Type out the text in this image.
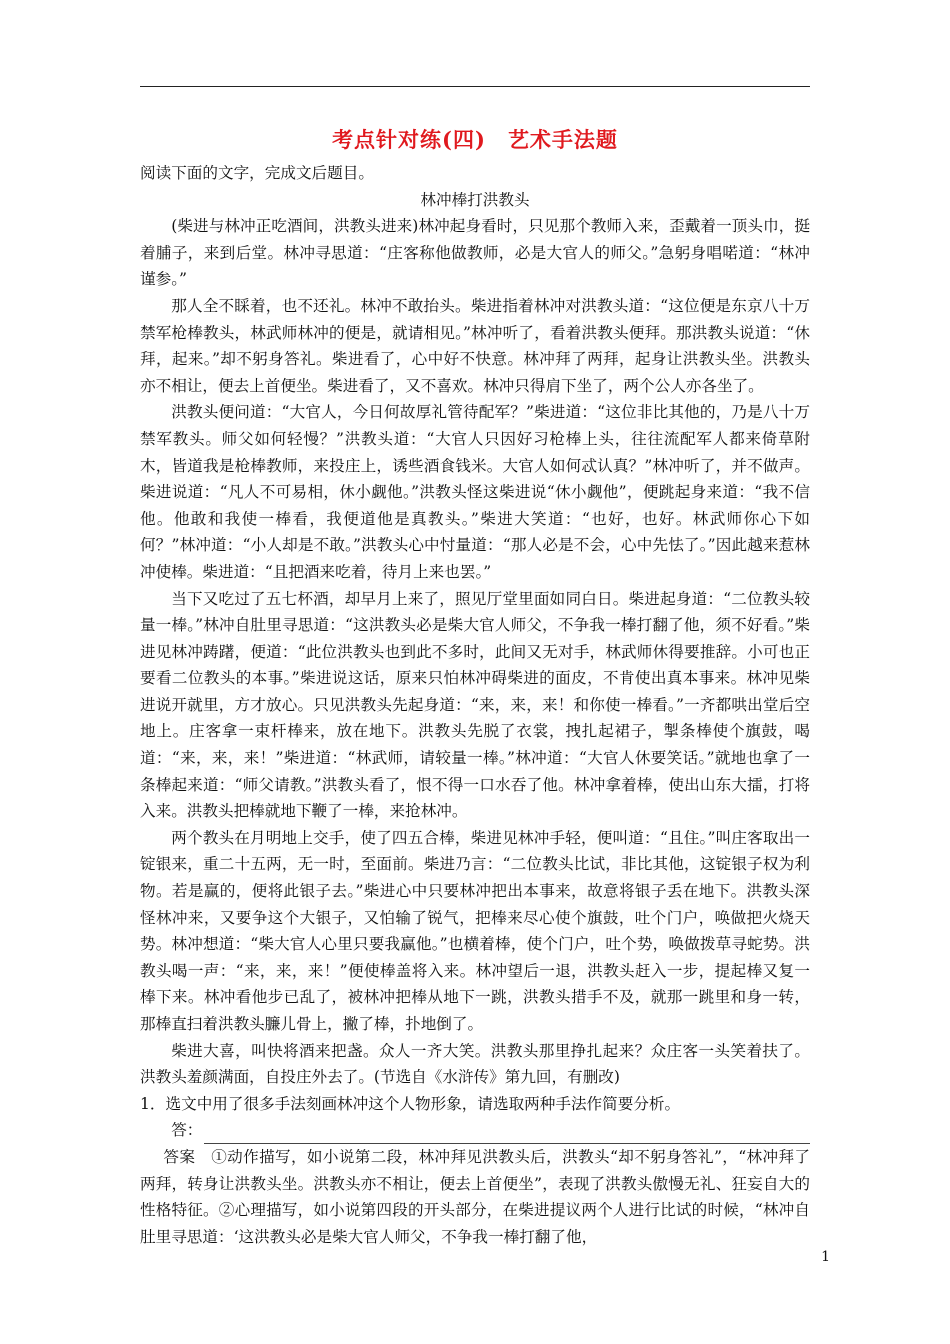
考点针对练(四) 艺术手法题

阅读下面的文字，完成文后题目。

林冲棒打洪教头

(柴进与林冲正吃酒间，洪教头进来)林冲起身看时，只见那个教师入来，歪戴着一顶头巾，挺着脯子，来到后堂。林冲寻思道：“庄客称他做教师，必是大官人的师父。”急躬身唱喏道：“林冲谨参。”

那人全不睬着，也不还礼。林冲不敢抬头。柴进指着林冲对洪教头道：“这位便是东京八十万禁军枪棒教头，林武师林冲的便是，就请相见。”林冲听了，看着洪教头便拜。那洪教头说道：“休拜，起来。”却不躬身答礼。柴进看了，心中好不快意。林冲拜了两拜，起身让洪教头坐。洪教头亦不相让，便去上首便坐。柴进看了，又不喜欢。林冲只得肩下坐了，两个公人亦各坐了。

洪教头便问道：“大官人，今日何故厚礼管待配军？”柴进道：“这位非比其他的，乃是八十万禁军教头。师父如何轻慢？”洪教头道：“大官人只因好习枪棒上头，往往流配军人都来倚草附木，皆道我是枪棒教师，来投庄上，诱些酒食钱米。大官人如何忒认真？”林冲听了，并不做声。柴进说道：“凡人不可易相，休小觑他。”洪教头怪这柴进说“休小觑他”，便跳起身来道：“我不信他。他敢和我使一棒看，我便道他是真教头。”柴进大笑道：“也好，也好。林武师你心下如何？”林冲道：“小人却是不敢。”洪教头心中忖量道：“那人必是不会，心中先怯了。”因此越来惹林冲使棒。柴进道：“且把酒来吃着，待月上来也罢。”

当下又吃过了五七杯酒，却早月上来了，照见厅堂里面如同白日。柴进起身道：“二位教头较量一棒。”林冲自肚里寻思道：“这洪教头必是柴大官人师父，不争我一棒打翻了他，须不好看。”柴进见林冲踌躇，便道：“此位洪教头也到此不多时，此间又无对手，林武师休得要推辞。小可也正要看二位教头的本事。”柴进说这话，原来只怕林冲碍柴进的面皮，不肯使出真本事来。林冲见柴进说开就里，方才放心。只见洪教头先起身道：“来，来，来！和你使一棒看。”一齐都哄出堂后空地上。庄客拿一束杆棒来，放在地下。洪教头先脱了衣裳，拽扎起裙子，掣条棒使个旗鼓，喝道：“来，来，来！”柴进道：“林武师，请较量一棒。”林冲道：“大官人休要笑话。”就地也拿了一条棒起来道：“师父请教。”洪教头看了，恨不得一口水吞了他。林冲拿着棒，使出山东大擂，打将入来。洪教头把棒就地下鞭了一棒，来抢林冲。

两个教头在月明地上交手，使了四五合棒，柴进见林冲手轻，便叫道：“且住。”叫庄客取出一锭银来，重二十五两，无一时，至面前。柴进乃言：“二位教头比试，非比其他，这锭银子权为利物。若是赢的，便将此银子去。”柴进心中只要林冲把出本事来，故意将银子丢在地下。洪教头深怪林冲来，又要争这个大银子，又怕输了锐气，把棒来尽心使个旗鼓，吐个门户，唤做把火烧天势。林冲想道：“柴大官人心里只要我赢他。”也横着棒，使个门户，吐个势，唤做拨草寻蛇势。洪教头喝一声：“来，来，来！”便使棒盖将入来。林冲望后一退，洪教头赶入一步，提起棒又复一棒下来。林冲看他步已乱了，被林冲把棒从地下一跳，洪教头措手不及，就那一跳里和身一转，那棒直扫着洪教头臁儿骨上，撇了棒，扑地倒了。

柴进大喜，叫快将酒来把盏。众人一齐大笑。洪教头那里挣扎起来？众庄客一头笑着扶了。洪教头羞颜满面，自投庄外去了。(节选自《水浒传》第九回，有删改)

1．选文中用了很多手法刻画林冲这个人物形象，请选取两种手法作简要分析。

答：

答案　①动作描写，如小说第二段，林冲拜见洪教头后，洪教头“却不躬身答礼”，“林冲拜了两拜，转身让洪教头坐。洪教头亦不相让，便去上首便坐”，表现了洪教头傲慢无礼、狂妄自大的性格特征。②心理描写，如小说第四段的开头部分，在柴进提议两个人进行比试的时候，“林冲自肚里寻思道：‘这洪教头必是柴大官人师父，不争我一棒打翻了他，

1
